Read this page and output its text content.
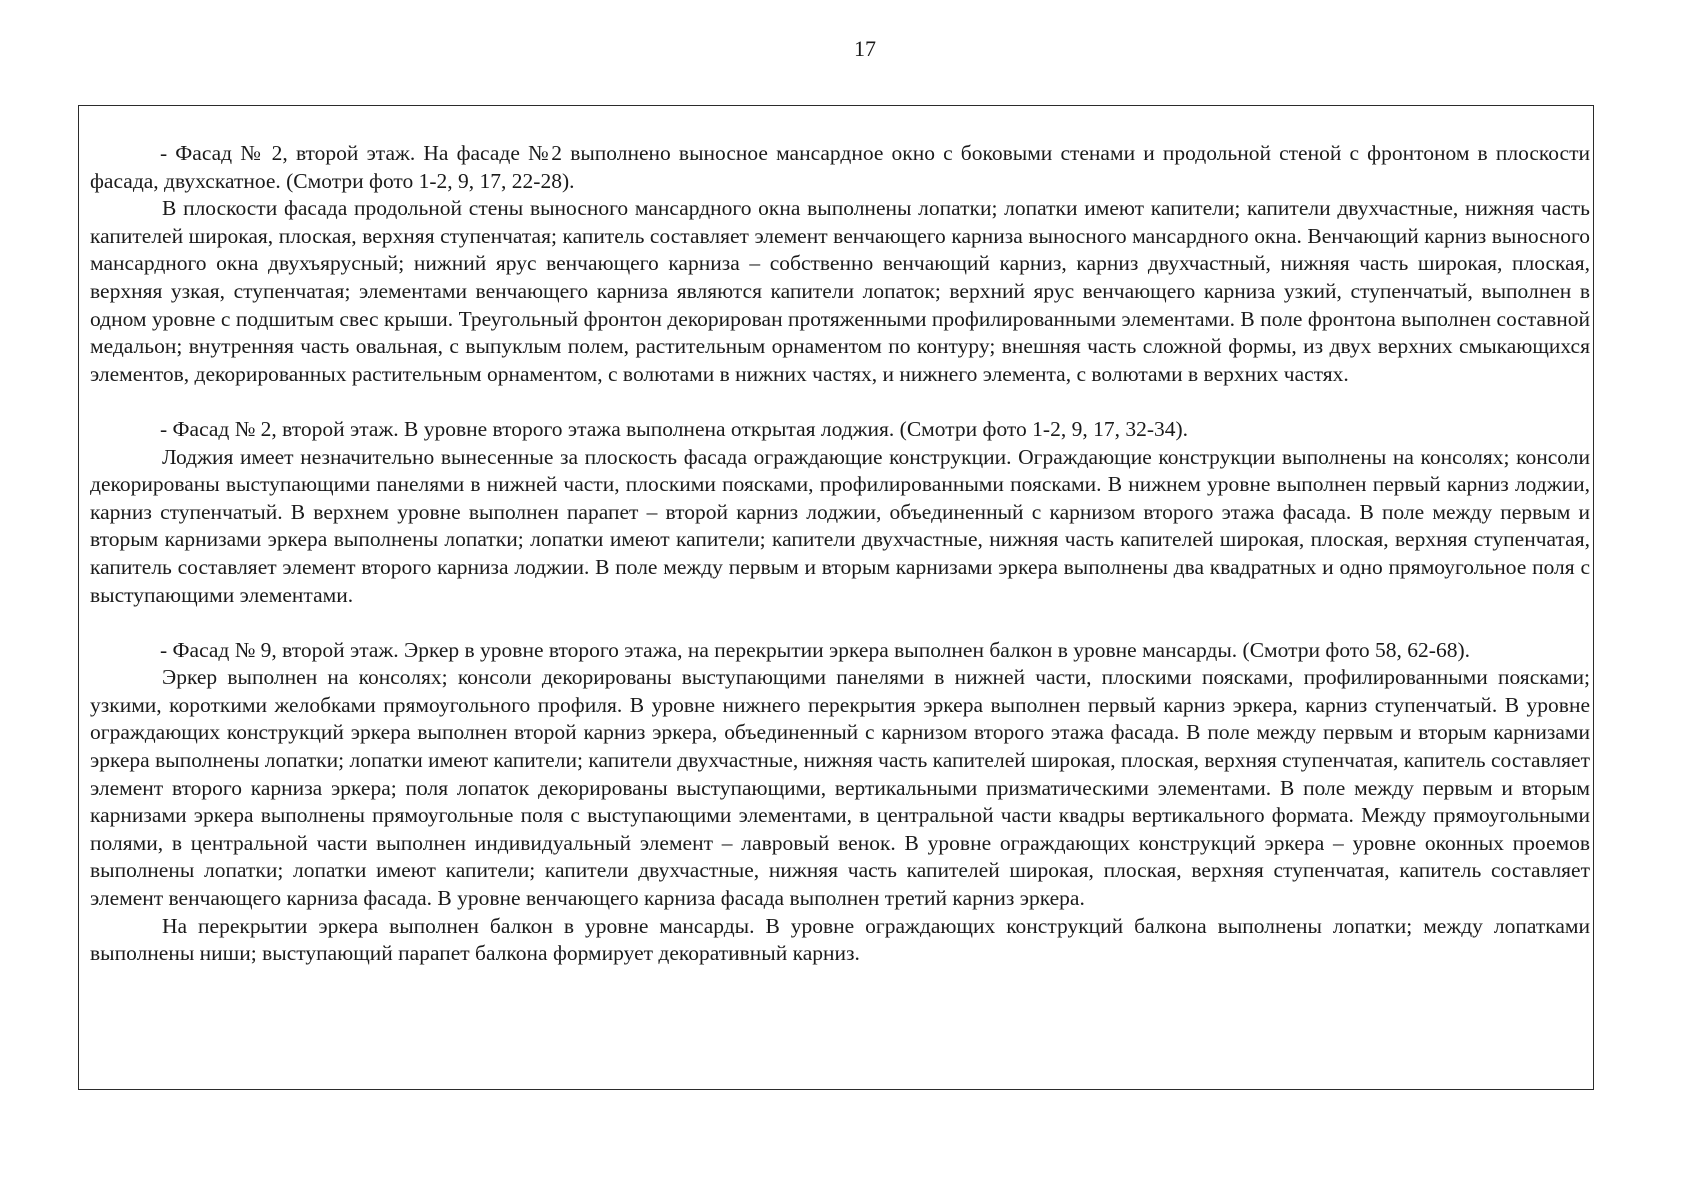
17

- Фасад № 2, второй этаж. На фасаде №2 выполнено выносное мансардное окно с боковыми стенами и продольной стеной с фронтоном в плоскости фасада, двухскатное. (Смотри фото 1-2, 9, 17, 22-28).

В плоскости фасада продольной стены выносного мансардного окна выполнены лопатки; лопатки имеют капители; капители двухчастные, нижняя часть капителей широкая, плоская, верхняя ступенчатая; капитель составляет элемент венчающего карниза выносного мансардного окна. Венчающий карниз выносного мансардного окна двухъярусный; нижний ярус венчающего карниза – собственно венчающий карниз, карниз двухчастный, нижняя часть широкая, плоская, верхняя узкая, ступенчатая; элементами венчающего карниза являются капители лопаток; верхний ярус венчающего карниза узкий, ступенчатый, выполнен в одном уровне с подшитым свес крыши. Треугольный фронтон декорирован протяженными профилированными элементами. В поле фронтона выполнен составной медальон; внутренняя часть овальная, с выпуклым полем, растительным орнаментом по контуру; внешняя часть сложной формы, из двух верхних смыкающихся элементов, декорированных растительным орнаментом, с волютами в нижних частях, и нижнего элемента, с волютами в верхних частях.

- Фасад № 2, второй этаж. В уровне второго этажа выполнена открытая лоджия. (Смотри фото 1-2, 9, 17, 32-34).

Лоджия имеет незначительно вынесенные за плоскость фасада ограждающие конструкции. Ограждающие конструкции выполнены на консолях; консоли декорированы выступающими панелями в нижней части, плоскими поясками, профилированными поясками. В нижнем уровне выполнен первый карниз лоджии, карниз ступенчатый. В верхнем уровне выполнен парапет – второй карниз лоджии, объединенный с карнизом второго этажа фасада. В поле между первым и вторым карнизами эркера выполнены лопатки; лопатки имеют капители; капители двухчастные, нижняя часть капителей широкая, плоская, верхняя ступенчатая, капитель составляет элемент второго карниза лоджии. В поле между первым и вторым карнизами эркера выполнены два квадратных и одно прямоугольное поля с выступающими элементами.

- Фасад № 9, второй этаж. Эркер в уровне второго этажа, на перекрытии эркера выполнен балкон в уровне мансарды. (Смотри фото 58, 62-68).

Эркер выполнен на консолях; консоли декорированы выступающими панелями в нижней части, плоскими поясками, профилированными поясками; узкими, короткими желобками прямоугольного профиля. В уровне нижнего перекрытия эркера выполнен первый карниз эркера, карниз ступенчатый. В уровне ограждающих конструкций эркера выполнен второй карниз эркера, объединенный с карнизом второго этажа фасада. В поле между первым и вторым карнизами эркера выполнены лопатки; лопатки имеют капители; капители двухчастные, нижняя часть капителей широкая, плоская, верхняя ступенчатая, капитель составляет элемент второго карниза эркера; поля лопаток декорированы выступающими, вертикальными призматическими элементами. В поле между первым и вторым карнизами эркера выполнены прямоугольные поля с выступающими элементами, в центральной части квадры вертикального формата. Между прямоугольными полями, в центральной части выполнен индивидуальный элемент – лавровый венок. В уровне ограждающих конструкций эркера – уровне оконных проемов выполнены лопатки; лопатки имеют капители; капители двухчастные, нижняя часть капителей широкая, плоская, верхняя ступенчатая, капитель составляет элемент венчающего карниза фасада. В уровне венчающего карниза фасада выполнен третий карниз эркера.

На перекрытии эркера выполнен балкон в уровне мансарды. В уровне ограждающих конструкций балкона выполнены лопатки; между лопатками выполнены ниши; выступающий парапет балкона формирует декоративный карниз.
